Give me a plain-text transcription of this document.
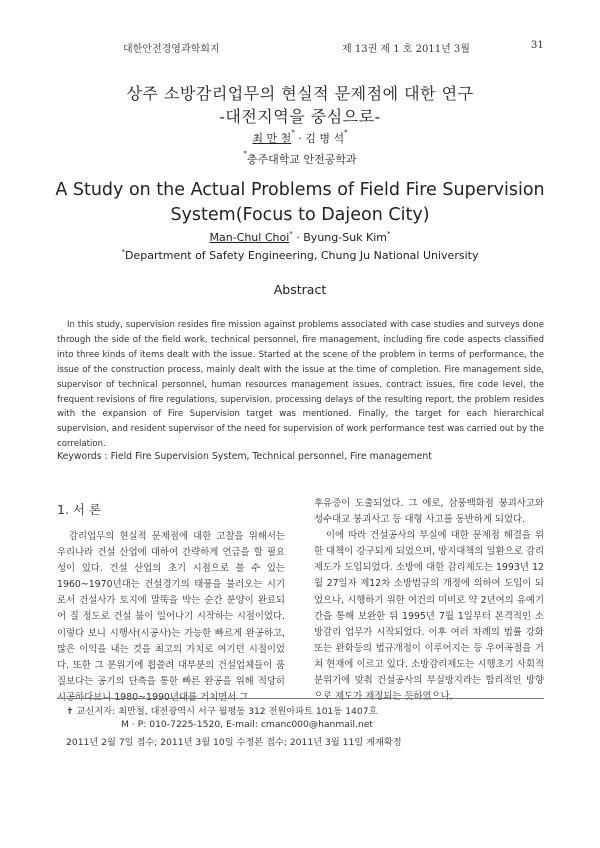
대한안전경영과학회지	제 13권 제 1 호 2011년 3월	31
상주 소방감리업무의 현실적 문제점에 대한 연구
-대전지역을 중심으로-
최 만 철* · 김 병 석*
*충주대학교 안전공학과
A Study on the Actual Problems of Field Fire Supervision
System(Focus to Dajeon City)
Man-Chul Choi* · Byung-Suk Kim*
*Department of Safety Engineering, Chung Ju National University
Abstract
In this study, supervision resides fire mission against problems associated with case studies and surveys done through the side of the field work, technical personnel, fire management, including fire code aspects classified into three kinds of items dealt with the issue. Started at the scene of the problem in terms of performance, the issue of the construction process, mainly dealt with the issue at the time of completion. Fire management side, supervisor of technical personnel, human resources management issues, contract issues, fire code level, the frequent revisions of fire regulations, supervision, processing delays of the resulting report, the problem resides with the expansion of Fire Supervision target was mentioned. Finally, the target for each hierarchical supervision, and resident supervisor of the need for supervision of work performance test was carried out by the correlation.
Keywords : Field Fire Supervision System, Technical personnel, Fire management
1. 서 론

감리업무의 현실적 문제점에 대한 고찰을 위해서는 우리나라 건설 산업에 대하여 간략하게 언급을 할 필요성이 있다. 건설 산업의 초기 시점으로 볼 수 있는 1960~1970년대는 건설경기의 태풍을 불러오는 시기로서 건설사가 토지에 말뚝을 박는 순간 분양이 완료되어 질 정도로 건설 붐이 일어나기 시작하는 시점이었다. 이렇다 보니 시행사(시공사)는 가능한 빠르게 완공하고, 많은 이익을 내는 것을 최고의 가치로 여기던 시절이었다. 또한 그 분위기에 휩쓸려 대부분의 건설업체들이 품질보다는 공기의 단축을 통한 빠른 완공을 위해 적당히 시공하다보니 1980~1990년대를 거치면서 그

후유증이 도출되었다. 그 예로, 삼풍백화점 붕괴사고와 성수대교 붕괴사고 등 대형 사고를 동반하게 되었다.

이에 따라 건설공사의 부실에 대한 문제점 해결을 위한 대책이 강구되게 되었으며, 방지대책의 일환으로 감리 제도가 도입되었다. 소방에 대한 감리제도는 1993년 12월 27일자 제12차 소방법규의 개정에 의하여 도입이 되었으나, 시행하기 위한 여건의 미비로 약 2년여의 유예기간을 통해 보완한 뒤 1995년 7월 1일부터 본격적인 소방감리 업무가 시작되었다. 이후 여러 차례의 법률 강화 또는 완화등의 법규개정이 이루어지는 등 우여곡절을 거쳐 현재에 이르고 있다. 소방감리제도는 시행초기 사회적 분위기에 맞춰 건설공사의 부실방지라는 합리적인 방향으로 제도가 제정되는 듯하였으나,

✝ 교신저자: 최만철, 대전광역시 서구 월평동 312 전원아파트 101동 1407호
M · P: 010-7225-1520, E-mail: cmanc000@hanmail.net
2011년 2월 7일 접수; 2011년 3월 10일 수정본 접수; 2011년 3월 11일 게재확정
